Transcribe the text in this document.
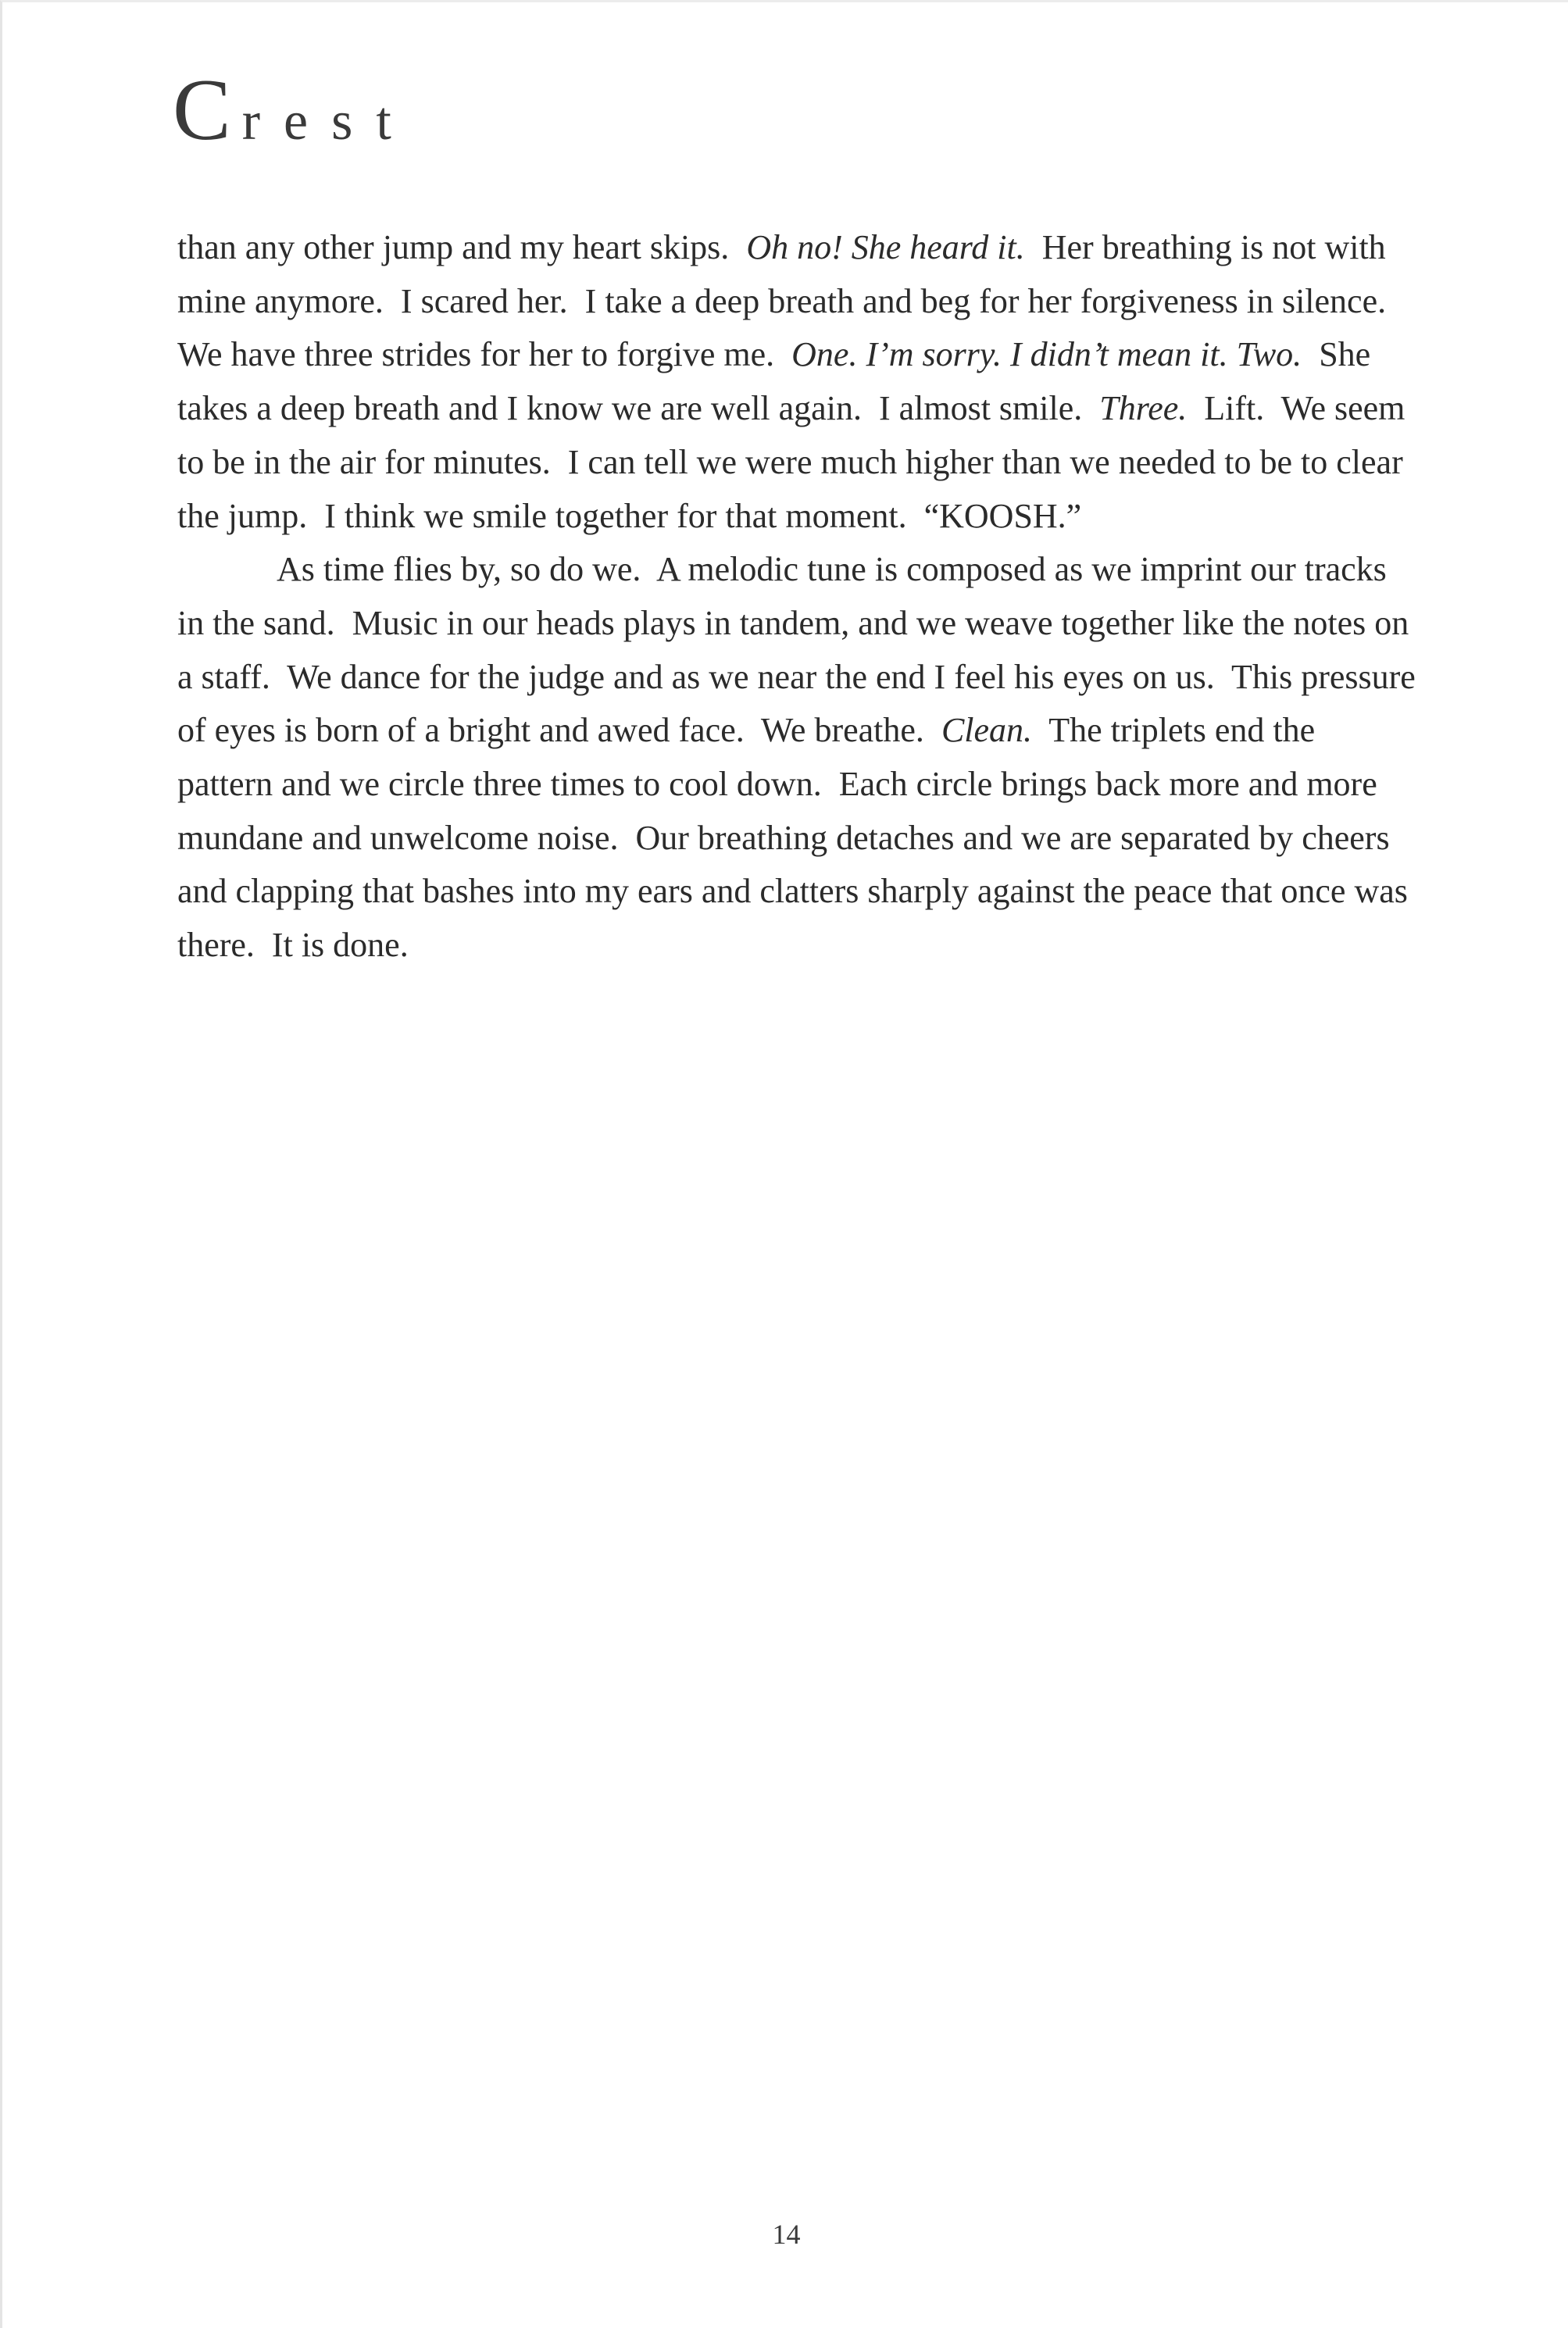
Crest
than any other jump and my heart skips.  Oh no! She heard it.  Her breathing is not with
mine anymore.  I scared her.  I take a deep breath and beg for her forgiveness in silence.
We have three strides for her to forgive me.  One. I’m sorry. I didn’t mean it. Two.  She
takes a deep breath and I know we are well again.  I almost smile.  Three.  Lift.  We seem
to be in the air for minutes.  I can tell we were much higher than we needed to be to clear
the jump.  I think we smile together for that moment.  “KOOSH.”
As time flies by, so do we.  A melodic tune is composed as we imprint our tracks
in the sand.  Music in our heads plays in tandem, and we weave together like the notes on
a staff.  We dance for the judge and as we near the end I feel his eyes on us.  This pressure
of eyes is born of a bright and awed face.  We breathe.  Clean.  The triplets end the
pattern and we circle three times to cool down.  Each circle brings back more and more
mundane and unwelcome noise.  Our breathing detaches and we are separated by cheers
and clapping that bashes into my ears and clatters sharply against the peace that once was
there.  It is done.
14
